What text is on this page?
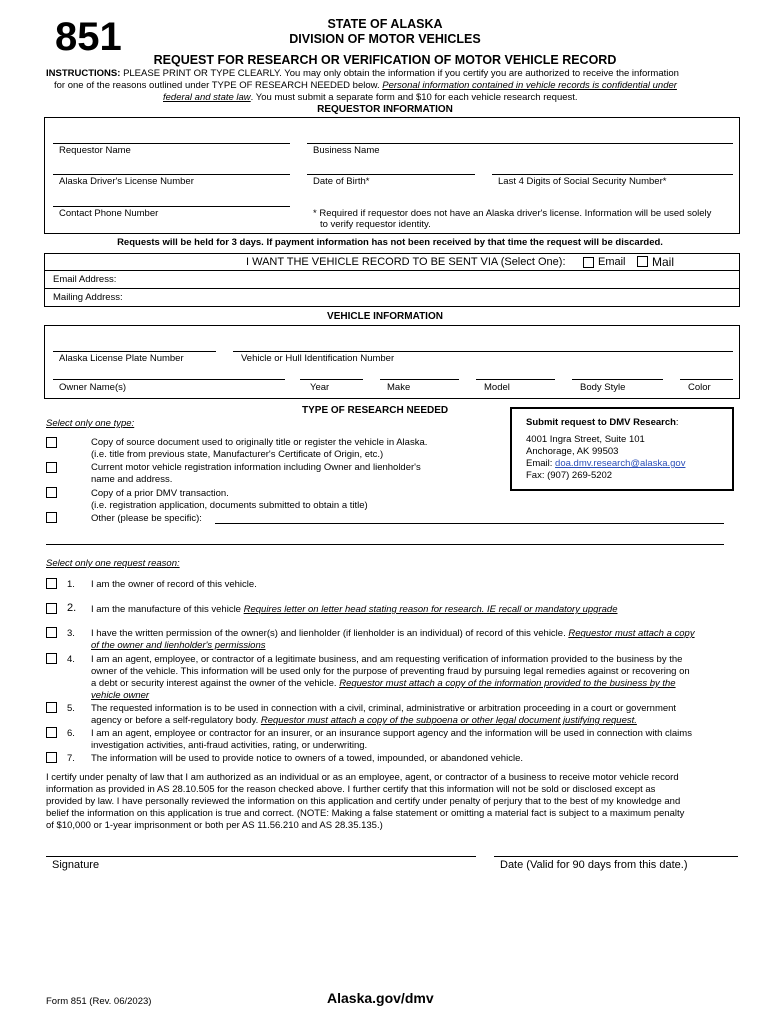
851	STATE OF ALASKA
DIVISION OF MOTOR VEHICLES
REQUEST FOR RESEARCH OR VERIFICATION OF MOTOR VEHICLE RECORD
INSTRUCTIONS: PLEASE PRINT OR TYPE CLEARLY. You may only obtain the information if you certify you are authorized to receive the information
for one of the reasons outlined under TYPE OF RESEARCH NEEDED below. Personal information contained in vehicle records is confidential under
federal and state law. You must submit a separate form and $10 for each vehicle research request.
REQUESTOR INFORMATION
Requestor Name	Business Name
Alaska Driver's License Number	Date of Birth*	Last 4 Digits of Social Security Number*
Contact Phone Number	* Required if requestor does not have an Alaska driver's license. Information will be used solely
to verify requestor identity.
Requests will be held for 3 days. If payment information has not been received by that time the request will be discarded.
I WANT THE VEHICLE RECORD TO BE SENT VIA (Select One):	Email Mail
Email Address:
Mailing Address:
VEHICLE INFORMATION
Alaska License Plate Number	Vehicle or Hull Identification Number
Owner Name(s)	Year	Make	Model	Body Style	Color
TYPE OF RESEARCH NEEDED
Select only one type:
Copy of source document used to originally title or register the vehicle in Alaska.
(i.e. title from previous state, Manufacturer's Certificate of Origin, etc.)
Current motor vehicle registration information including Owner and lienholder's
name and address.
Copy of a prior DMV transaction.
(i.e. registration application, documents submitted to obtain a title)
Other (please be specific):
Submit request to DMV Research:
4001 Ingra Street, Suite 101
Anchorage, AK 99503
Email: doa.dmv.research@alaska.gov
Fax: (907) 269-5202
Select only one request reason:
1. I am the owner of record of this vehicle.
2. I am the manufacture of this vehicle Requires letter on letter head stating reason for research. IE recall or mandatory upgrade
3. I have the written permission of the owner(s) and lienholder (if lienholder is an individual) of record of this vehicle. Requestor must attach a copy
of the owner and lienholder's permissions
4. I am an agent, employee, or contractor of a legitimate business, and am requesting verification of information provided to the business by the
owner of the vehicle. This information will be used only for the purpose of preventing fraud by pursuing legal remedies against or recovering on
a debt or security interest against the owner of the vehicle. Requestor must attach a copy of the information provided to the business by the
vehicle owner
5. The requested information is to be used in connection with a civil, criminal, administrative or arbitration proceeding in a court or government
agency or before a self-regulatory body. Requestor must attach a copy of the subpoena or other legal document justifying request.
6. I am an agent, employee or contractor for an insurer, or an insurance support agency and the information will be used in connection with claims
investigation activities, anti-fraud activities, rating, or underwriting.
7. The information will be used to provide notice to owners of a towed, impounded, or abandoned vehicle.
I certify under penalty of law that I am authorized as an individual or as an employee, agent, or contractor of a business to receive motor vehicle record
information as provided in AS 28.10.505 for the reason checked above. I further certify that this information will not be sold or disclosed except as
provided by law. I have personally reviewed the information on this application and certify under penalty of perjury that to the best of my knowledge and
belief the information on this application is true and correct. (NOTE: Making a false statement or omitting a material fact is subject to a maximum penalty
of $10,000 or 1-year imprisonment or both per AS 11.56.210 and AS 28.35.135.)
Signature	Date (Valid for 90 days from this date.)
Form 851 (Rev. 06/2023)	Alaska.gov/dmv
